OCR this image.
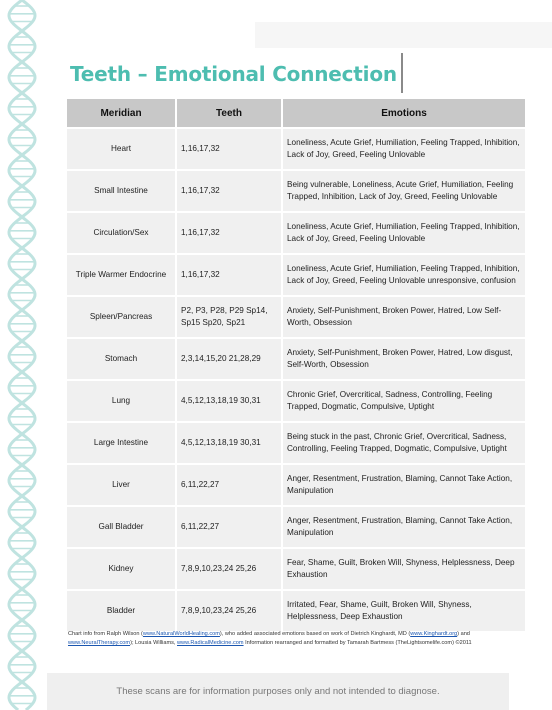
Teeth – Emotional Connection
Meridian	Teeth	Emotions
Heart	1,16,17,32	Loneliness, Acute Grief, Humiliation, Feeling Trapped, Inhibition, Lack of Joy, Greed, Feeling Unlovable
Small Intestine	1,16,17,32	Being vulnerable, Loneliness, Acute Grief, Humiliation, Feeling Trapped, Inhibition, Lack of Joy, Greed, Feeling Unlovable
Circulation/Sex	1,16,17,32	Loneliness, Acute Grief, Humiliation, Feeling Trapped, Inhibition, Lack of Joy, Greed, Feeling Unlovable
Triple Warmer Endocrine	1,16,17,32	Loneliness, Acute Grief, Humiliation, Feeling Trapped, Inhibition, Lack of Joy, Greed, Feeling Unlovable unresponsive, confusion
Spleen/Pancreas	P2, P3, P28, P29 Sp14, Sp15 Sp20, Sp21	Anxiety, Self-Punishment, Broken Power, Hatred, Low Self-Worth, Obsession
Stomach	2,3,14,15,20 21,28,29	Anxiety, Self-Punishment, Broken Power, Hatred, Low disgust, Self-Worth, Obsession
Lung	4,5,12,13,18,19 30,31	Chronic Grief, Overcritical, Sadness, Controlling, Feeling Trapped, Dogmatic, Compulsive, Uptight
Large Intestine	4,5,12,13,18,19 30,31	Being stuck in the past, Chronic Grief, Overcritical, Sadness, Controlling, Feeling Trapped, Dogmatic, Compulsive, Uptight
Liver	6,11,22,27	Anger, Resentment, Frustration, Blaming, Cannot Take Action, Manipulation
Gall Bladder	6,11,22,27	Anger, Resentment, Frustration, Blaming, Cannot Take Action, Manipulation
Kidney	7,8,9,10,23,24 25,26	Fear, Shame, Guilt, Broken Will, Shyness, Helplessness, Deep Exhaustion
Bladder	7,8,9,10,23,24 25,26	Irritated, Fear, Shame, Guilt, Broken Will, Shyness, Helplessness, Deep Exhaustion

Chart info from Ralph Wilson (www.NaturalWorldHealing.com), who added associated emotions based on work of Dietrich Kinghardt, MD (www.Kinghardt.org) and www.NeuralTherapy.com); Lousia Williams, www.RadicalMedicine.com Information rearranged and formatted by Tamarah Bartmess (TheLightsomelife.com) ©2011

These scans are for information purposes only and not intended to diagnose.
